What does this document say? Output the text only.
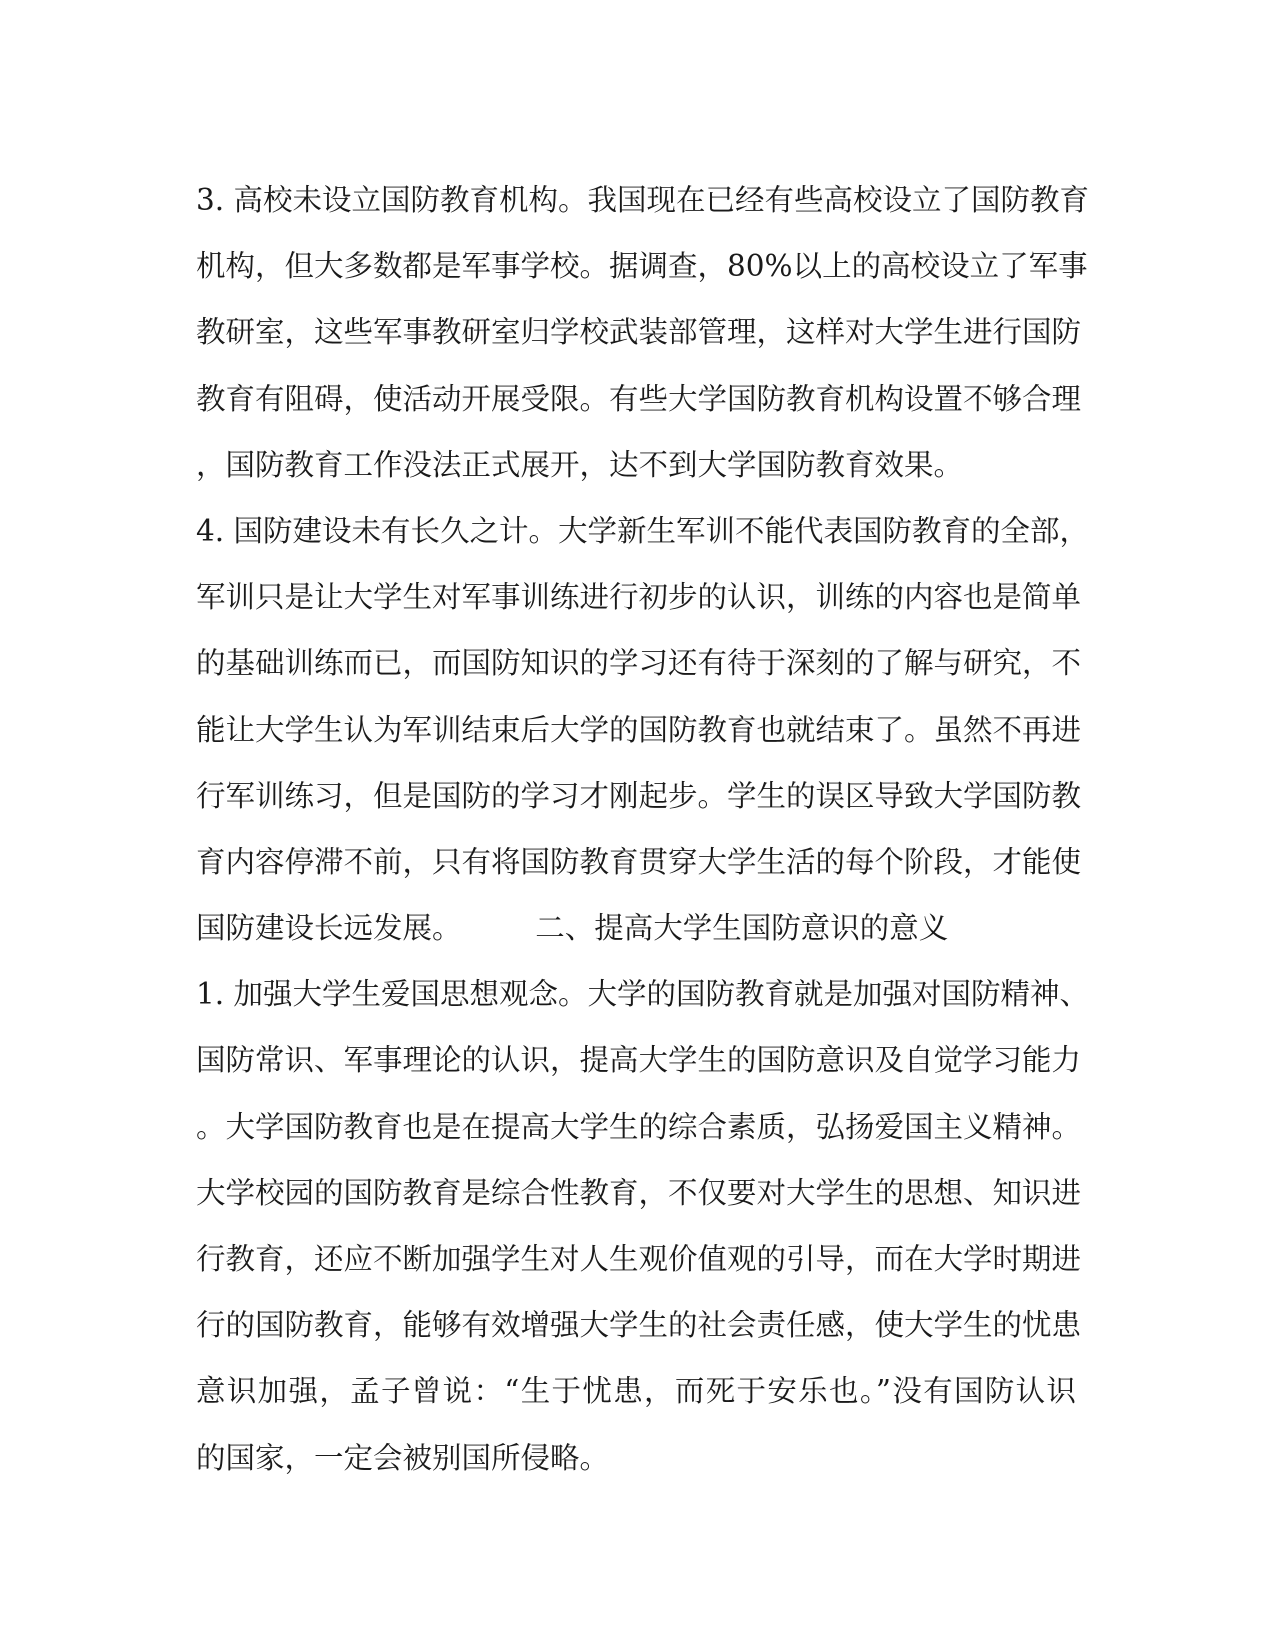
3. 高校未设立国防教育机构。我国现在已经有些高校设立了国防教育
机构，但大多数都是军事学校。据调查，80%以上的高校设立了军事
教研室，这些军事教研室归学校武装部管理，这样对大学生进行国防
教育有阻碍，使活动开展受限。有些大学国防教育机构设置不够合理
，国防教育工作没法正式展开，达不到大学国防教育效果。
4. 国防建设未有长久之计。大学新生军训不能代表国防教育的全部，
军训只是让大学生对军事训练进行初步的认识，训练的内容也是简单
的基础训练而已，而国防知识的学习还有待于深刻的了解与研究，不
能让大学生认为军训结束后大学的国防教育也就结束了。虽然不再进
行军训练习，但是国防的学习才刚起步。学生的误区导致大学国防教
育内容停滞不前，只有将国防教育贯穿大学生活的每个阶段，才能使
国防建设长远发展。　　　二、提高大学生国防意识的意义
1. 加强大学生爱国思想观念。大学的国防教育就是加强对国防精神、
国防常识、军事理论的认识，提高大学生的国防意识及自觉学习能力
。大学国防教育也是在提高大学生的综合素质，弘扬爱国主义精神。
大学校园的国防教育是综合性教育，不仅要对大学生的思想、知识进
行教育，还应不断加强学生对人生观价值观的引导，而在大学时期进
行的国防教育，能够有效增强大学生的社会责任感，使大学生的忧患
意识加强，孟子曾说：“生于忧患，而死于安乐也。”没有国防认识
的国家，一定会被别国所侵略。
